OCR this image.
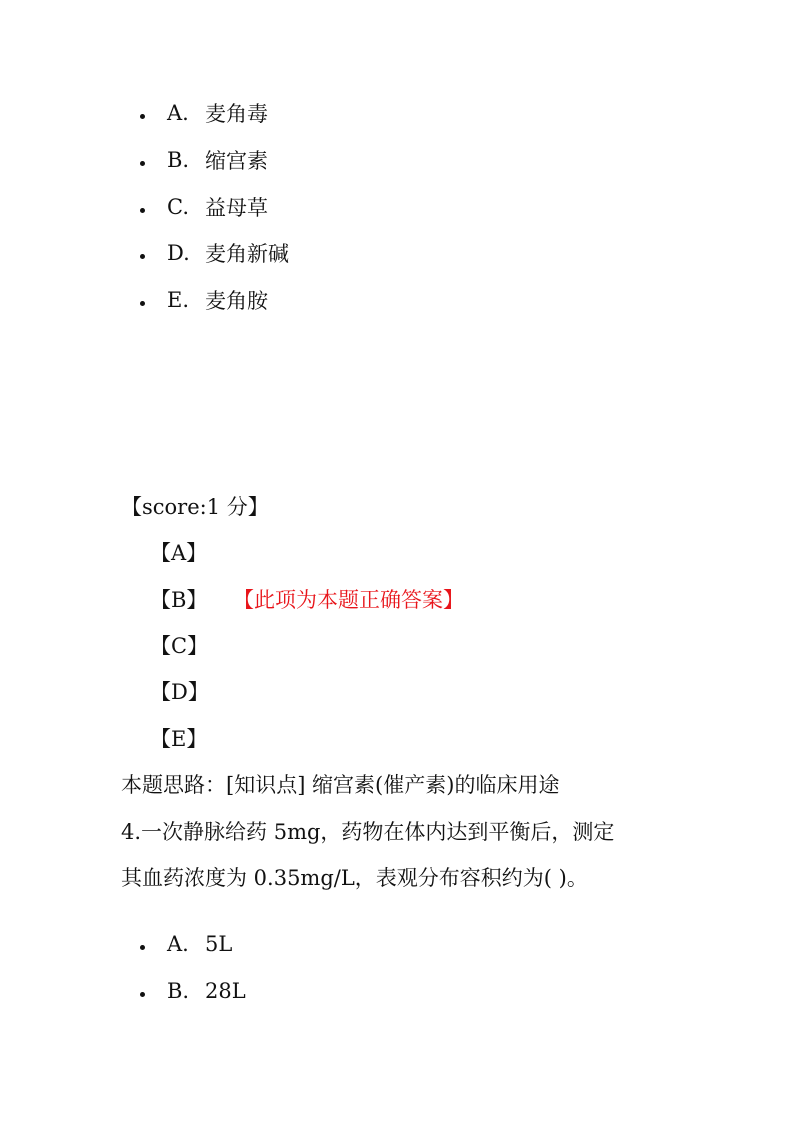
A. 麦角毒
B. 缩宫素
C. 益母草
D. 麦角新碱
E. 麦角胺
【score:1 分】
【A】
【B】 【此项为本题正确答案】
【C】
【D】
【E】
本题思路：[知识点] 缩宫素(催产素)的临床用途
4.一次静脉给药 5mg，药物在体内达到平衡后，测定
其血药浓度为 0.35mg/L，表观分布容积约为( )。
A. 5L
B. 28L
